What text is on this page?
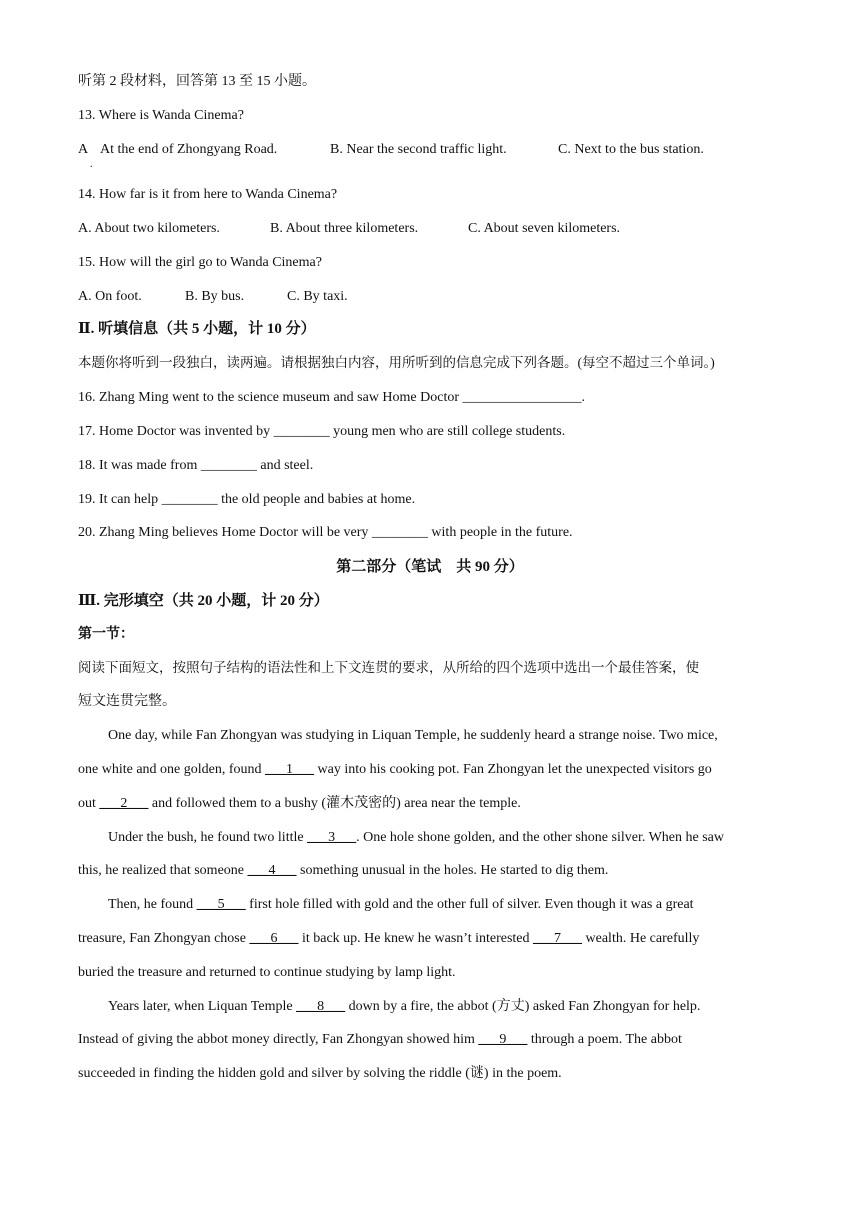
听第 2 段材料，回答第 13 至 15 小题。
13. Where is Wanda Cinema?
A
.
At the end of Zhongyang Road.	B. Near the second traffic light.	C. Next to the bus station.
14. How far is it from here to Wanda Cinema?
A. About two kilometers.	B. About three kilometers.	C. About seven kilometers.
15. How will the girl go to Wanda Cinema?
A. On foot.	B. By bus.	C. By taxi.
Ⅱ. 听填信息（共 5 小题，计 10 分）
本题你将听到一段独白，读两遍。请根据独白内容，用所听到的信息完成下列各题。(每空不超过三个单词。)
16. Zhang Ming went to the science museum and saw Home Doctor _________________.
17. Home Doctor was invented by ________ young men who are still college students.
18. It was made from ________ and steel.
19. It can help ________ the old people and babies at home.
20. Zhang Ming believes Home Doctor will be very ________ with people in the future.
第二部分（笔试　共 90 分）
Ⅲ. 完形填空（共 20 小题，计 20 分）
第一节：
阅读下面短文，按照句子结构的语法性和上下文连贯的要求，从所给的四个选项中选出一个最佳答案，使
短文连贯完整。
One day, while Fan Zhongyan was studying in Liquan Temple, he suddenly heard a strange noise. Two mice,
one white and one golden, found ___1___ way into his cooking pot. Fan Zhongyan let the unexpected visitors go
out ___2___ and followed them to a bushy (灌木茂密的) area near the temple.
Under the bush, he found two little ___3___. One hole shone golden, and the other shone silver. When he saw
this, he realized that someone ___4___ something unusual in the holes. He started to dig them.
Then, he found ___5___ first hole filled with gold and the other full of silver. Even though it was a great
treasure, Fan Zhongyan chose ___6___ it back up. He knew he wasn’t interested ___7___ wealth. He carefully
buried the treasure and returned to continue studying by lamp light.
Years later, when Liquan Temple ___8___ down by a fire, the abbot (方丈) asked Fan Zhongyan for help.
Instead of giving the abbot money directly, Fan Zhongyan showed him ___9___ through a poem. The abbot
succeeded in finding the hidden gold and silver by solving the riddle (谜) in the poem.
